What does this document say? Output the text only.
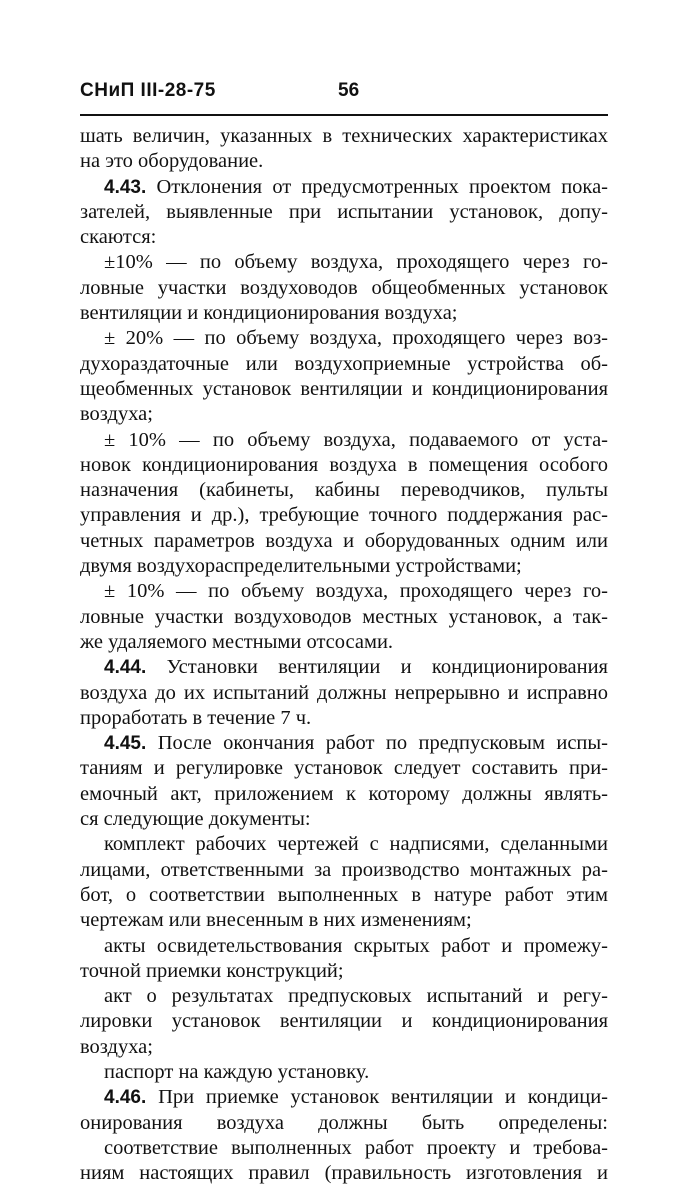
СНиП III-28-75	56
шать величин, указанных в технических характеристиках
на это оборудование.
4.43. Отклонения от предусмотренных проектом пока-
зателей, выявленные при испытании установок, допу-
скаются:
±10% — по объему воздуха, проходящего через го-
ловные участки воздуховодов общеобменных установок
вентиляции и кондиционирования воздуха;
± 20% — по объему воздуха, проходящего через воз-
духораздаточные или воздухоприемные устройства об-
щеобменных установок вентиляции и кондиционирования
воздуха;
± 10% — по объему воздуха, подаваемого от уста-
новок кондиционирования воздуха в помещения особого
назначения (кабинеты, кабины переводчиков, пульты
управления и др.), требующие точного поддержания рас-
четных параметров воздуха и оборудованных одним или
двумя воздухораспределительными устройствами;
± 10% — по объему воздуха, проходящего через го-
ловные участки воздуховодов местных установок, а так-
же удаляемого местными отсосами.
4.44. Установки вентиляции и кондиционирования
воздуха до их испытаний должны непрерывно и исправно
проработать в течение 7 ч.
4.45. После окончания работ по предпусковым испы-
таниям и регулировке установок следует составить при-
емочный акт, приложением к которому должны являть-
ся следующие документы:
комплект рабочих чертежей с надписями, сделанными
лицами, ответственными за производство монтажных ра-
бот, о соответствии выполненных в натуре работ этим
чертежам или внесенным в них изменениям;
акты освидетельствования скрытых работ и промежу-
точной приемки конструкций;
акт о результатах предпусковых испытаний и регу-
лировки установок вентиляции и кондиционирования
воздуха;
паспорт на каждую установку.
4.46. При приемке установок вентиляции и кондици-
онирования воздуха должны быть определены:
соответствие выполненных работ проекту и требова-
ниям настоящих правил (правильность изготовления и
